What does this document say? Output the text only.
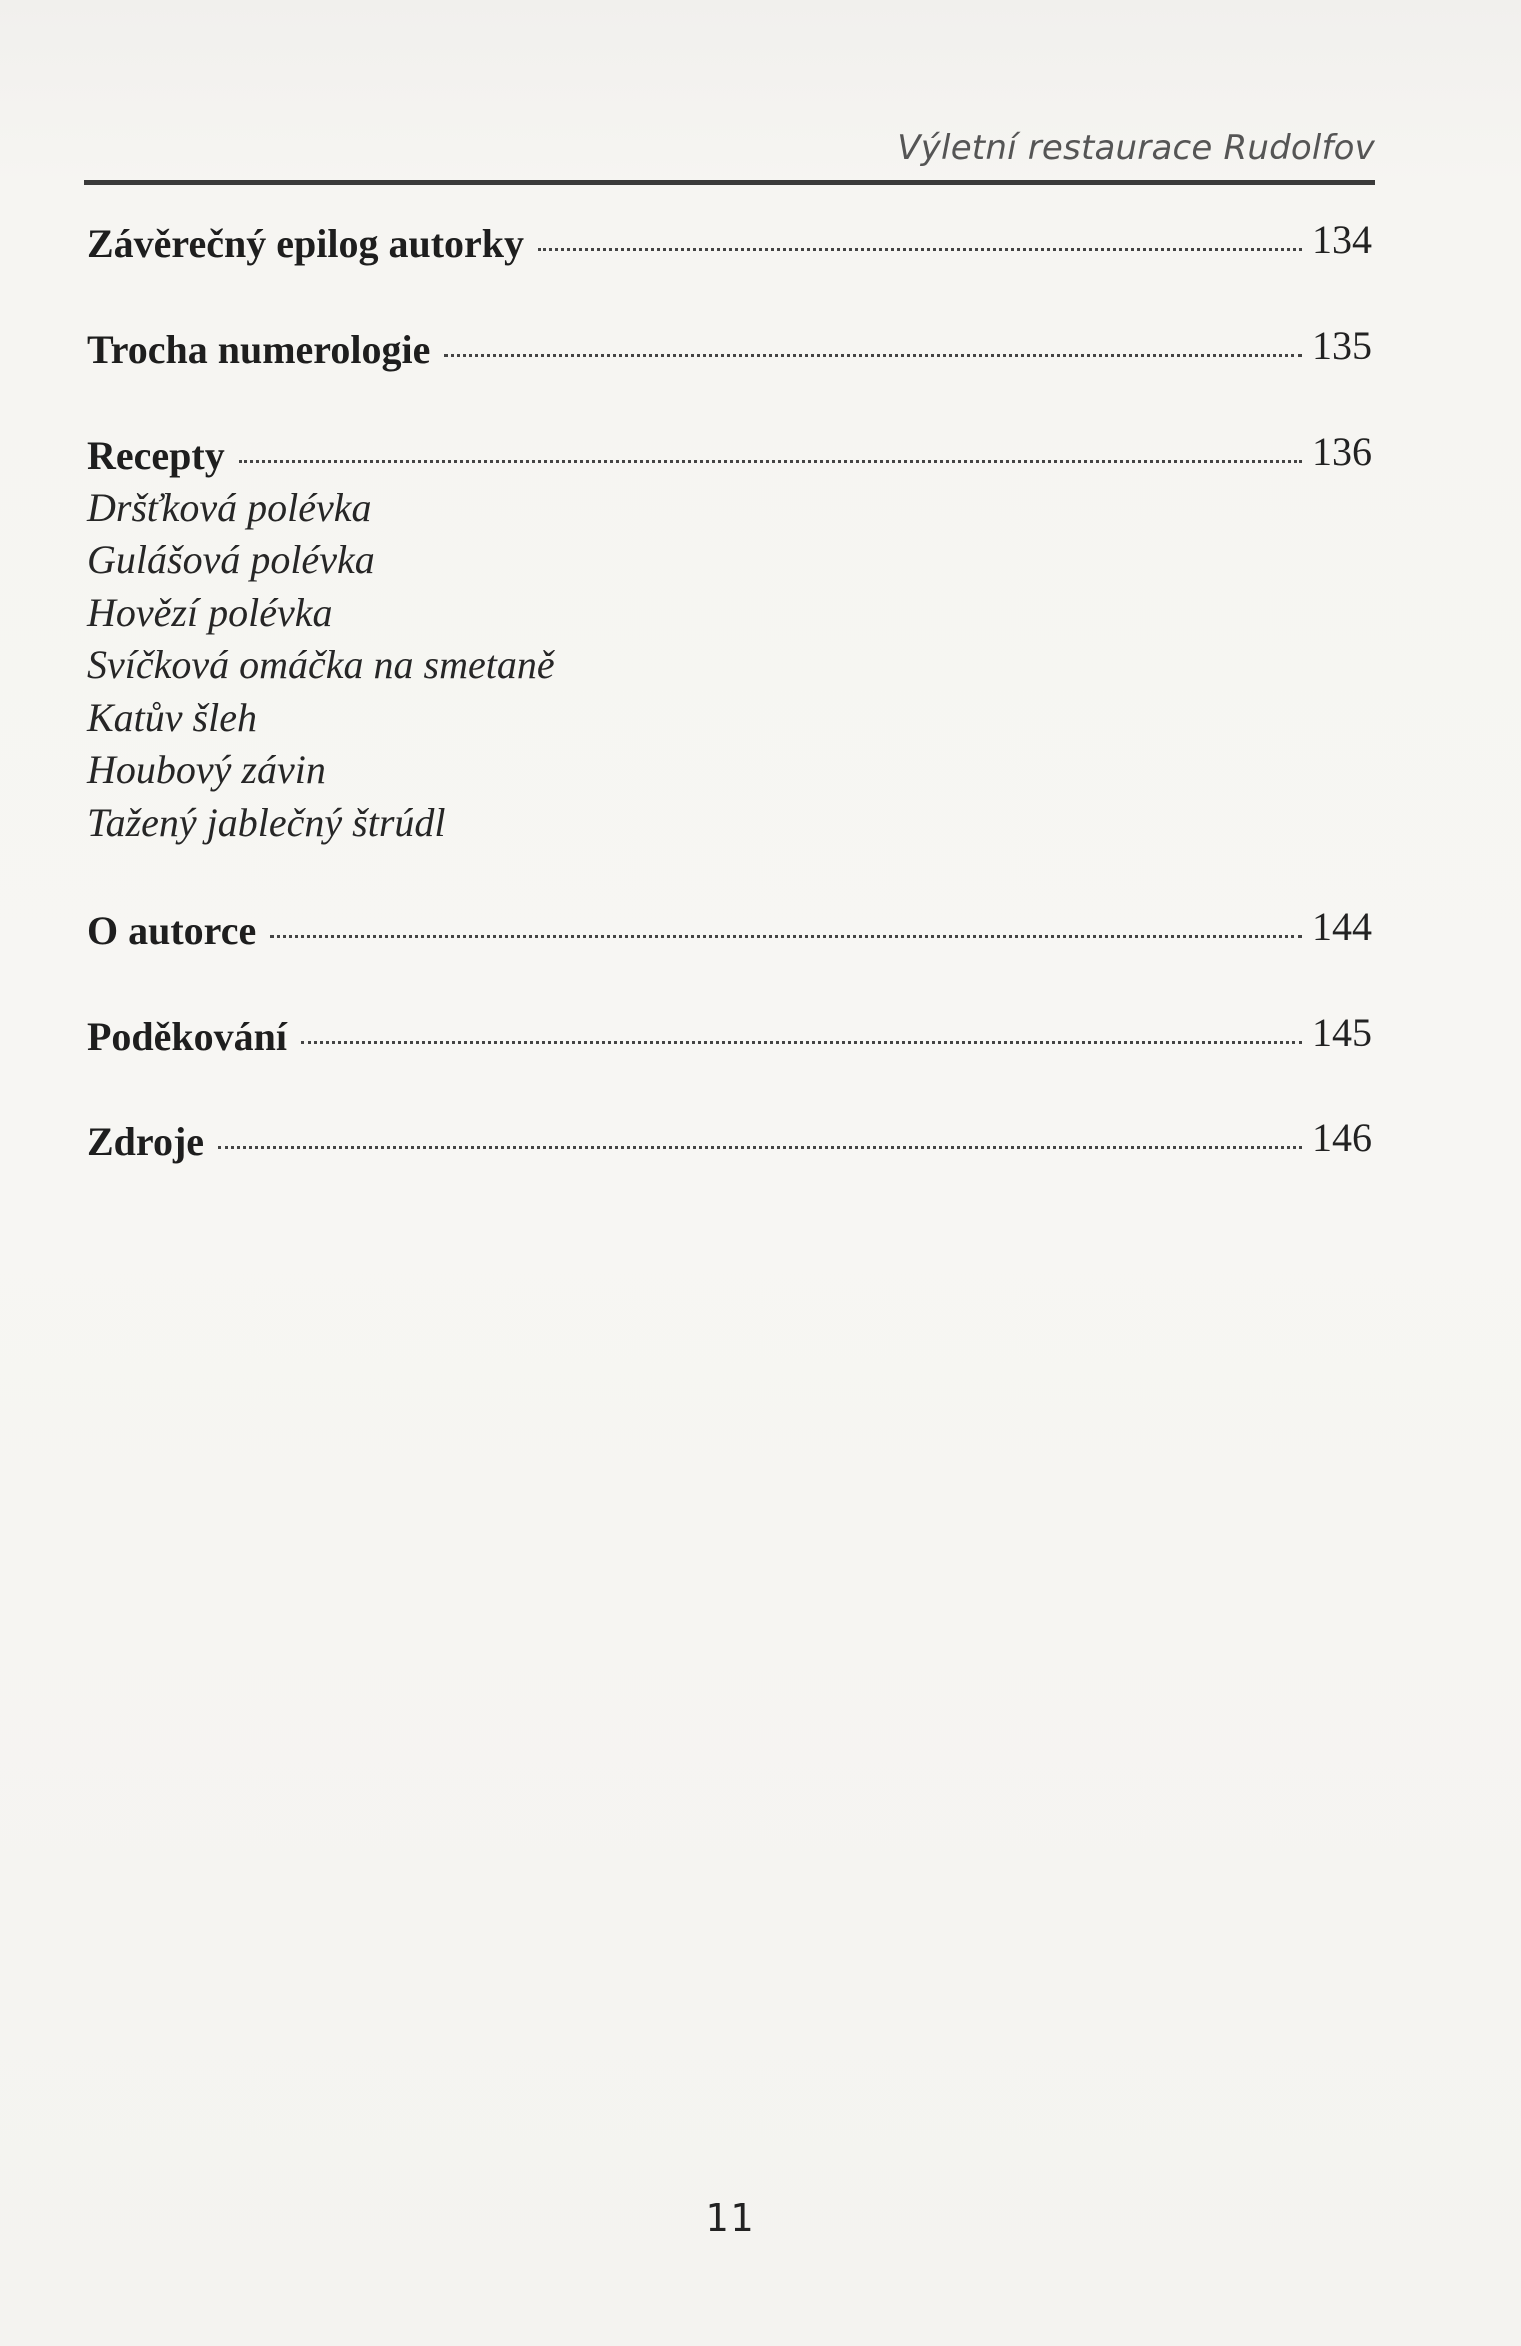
Výletní restaurace Rudolfov
Závěrečný epilog autorky	134
Trocha numerologie	135
Recepty	136
Dršťková polévka
Gulášová polévka
Hovězí polévka
Svíčková omáčka na smetaně
Katův šleh
Houbový závin
Tažený jablečný štrúdl
O autorce	144
Poděkování	145
Zdroje	146
11
